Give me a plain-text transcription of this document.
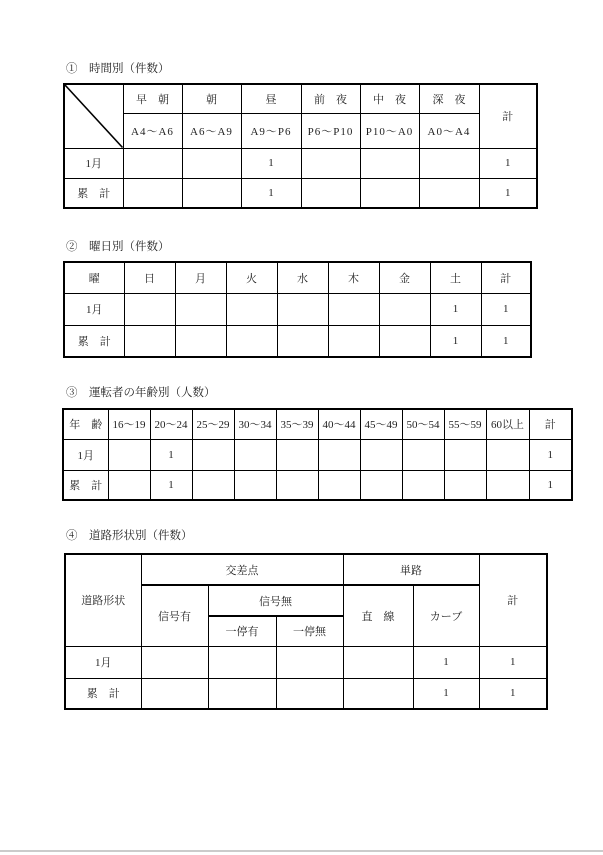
①　時間別（件数）
	早　朝	朝	昼	前　夜	中　夜	深　夜	計
	A4～A6	A6～A9	A9～P6	P6～P10	P10～A0	A0～A4	
1月			1				1
累　計			1				1
②　曜日別（件数）
曜	日	月	火	水	木	金	土	計
1月							1	1
累　計							1	1
③　運転者の年齢別（人数）
年　齢	16～19	20～24	25～29	30～34	35～39	40～44	45～49	50～54	55～59	60以上	計
1月		1									1
累　計		1									1
④　道路形状別（件数）
道路形状	交差点			単路		計
	信号有	信号無		直　線	カーブ	
		一停有	一停無			
1月					1	1
累　計					1	1
